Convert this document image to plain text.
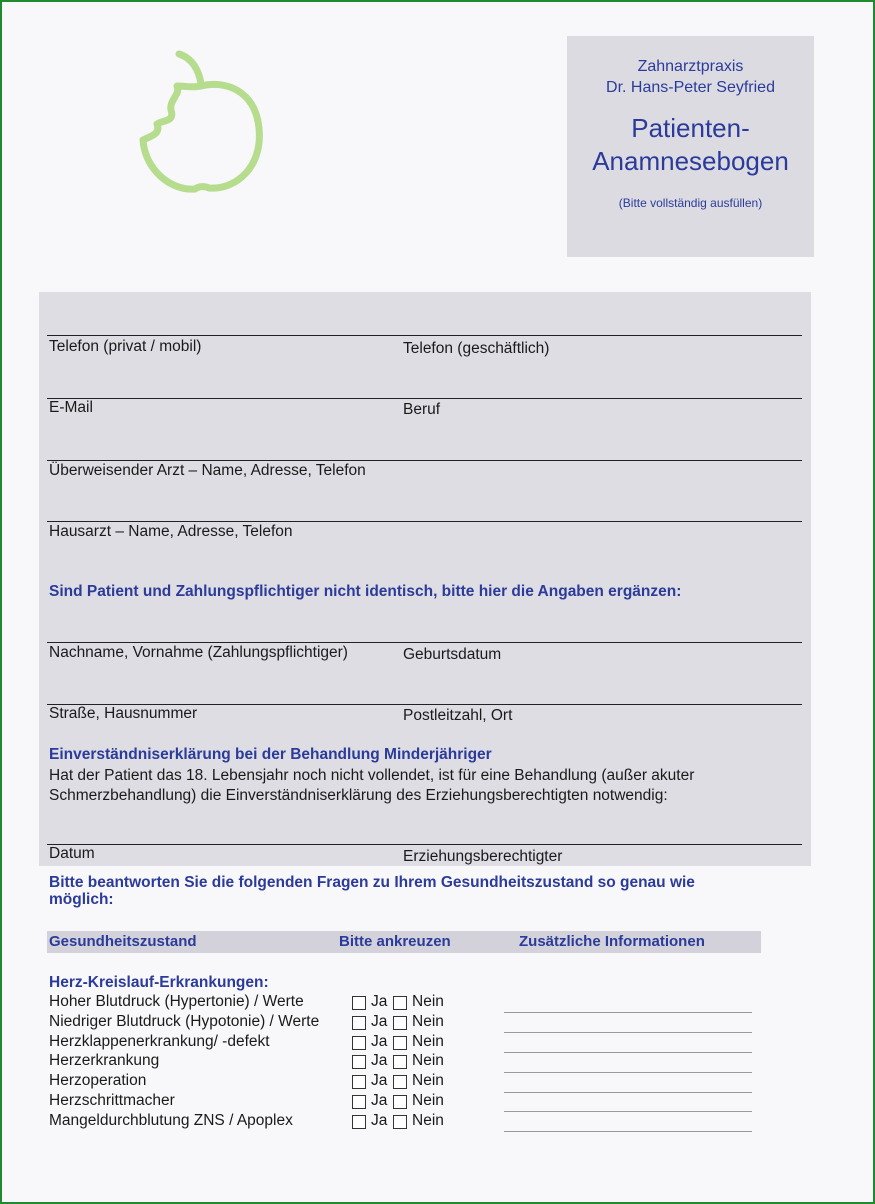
Zahnarztpraxis
Dr. Hans-Peter Seyfried
Patienten-
Anamnesebogen
(Bitte vollständig ausfüllen)
Telefon (privat / mobil)	Telefon (geschäftlich)
E-Mail	Beruf
Überweisender Arzt – Name, Adresse, Telefon
Hausarzt – Name, Adresse, Telefon
Sind Patient und Zahlungspflichtiger nicht identisch, bitte hier die Angaben ergänzen:
Nachname, Vornahme (Zahlungspflichtiger)	Geburtsdatum
Straße, Hausnummer	Postleitzahl, Ort
Einverständniserklärung bei der Behandlung Minderjähriger
Hat der Patient das 18. Lebensjahr noch nicht vollendet, ist für eine Behandlung (außer akuter
Schmerzbehandlung) die Einverständniserklärung des Erziehungsberechtigten notwendig:
Datum	Erziehungsberechtigter
Bitte beantworten Sie die folgenden Fragen zu Ihrem Gesundheitszustand so genau wie
möglich:
Gesundheitszustand	Bitte ankreuzen	Zusätzliche Informationen
Herz-Kreislauf-Erkrankungen:
Hoher Blutdruck (Hypertonie) / Werte	Ja Nein
Niedriger Blutdruck (Hypotonie) / Werte	Ja Nein
Herzklappenerkrankung/ -defekt	Ja Nein
Herzerkrankung	Ja Nein
Herzoperation	Ja Nein
Herzschrittmacher	Ja Nein
Mangeldurchblutung ZNS / Apoplex	Ja Nein
